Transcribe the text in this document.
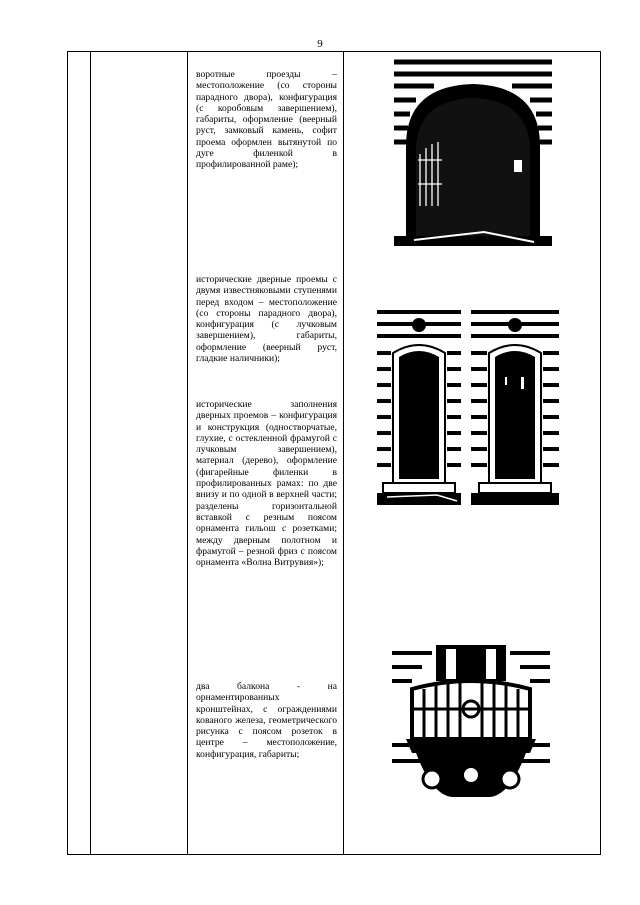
9

воротные проезды – местоположение (со стороны парадного двора), конфигурация (с коробовым завершением), габариты, оформление (веерный руст, замковый камень, софит проема оформлен вытянутой по дуге филенкой в профилированной раме);

исторические дверные проемы с двумя известняковыми ступенями перед входом – местоположение (со стороны парадного двора), конфигурация (с лучковым завершением), габариты, оформление (веерный руст, гладкие наличники);

исторические заполнения дверных проемов – конфигурация и конструкция (одностворчатые, глухие, с остекленной фрамугой с лучковым завершением), материал (дерево), оформление (фигарейные филенки в профилированных рамах: по две внизу и по одной в верхней части; разделены горизонтальной вставкой с резным поясом орнамента гильош с розетками; между дверным полотном и фрамугой – резной фриз с поясом орнамента «Волна Витрувия»);

два балкона - на орнаментированных кронштейнах, с ограждениями кованого железа, геометрического рисунка с поясом розеток в центре – местоположение, конфигурация, габариты;
